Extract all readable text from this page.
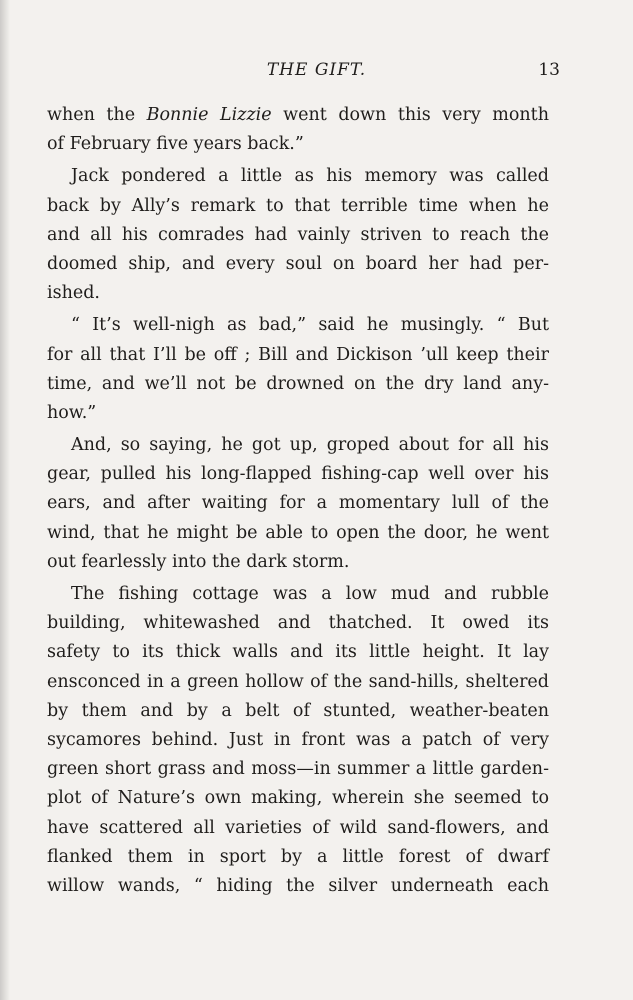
THE GIFT.	13
when the Bonnie Lizzie went down this very month
of February five years back.”
Jack pondered a little as his memory was called
back by Ally’s remark to that terrible time when he
and all his comrades had vainly striven to reach the
doomed ship, and every soul on board her had per-
ished.
“ It’s well-nigh as bad,” said he musingly. “ But
for all that I’ll be off ; Bill and Dickison ’ull keep their
time, and we’ll not be drowned on the dry land any-
how.”
And, so saying, he got up, groped about for all his
gear, pulled his long-flapped fishing-cap well over his
ears, and after waiting for a momentary lull of the
wind, that he might be able to open the door, he went
out fearlessly into the dark storm.
The fishing cottage was a low mud and rubble
building, whitewashed and thatched. It owed its
safety to its thick walls and its little height. It lay
ensconced in a green hollow of the sand-hills, sheltered
by them and by a belt of stunted, weather-beaten
sycamores behind. Just in front was a patch of very
green short grass and moss—in summer a little garden-
plot of Nature’s own making, wherein she seemed to
have scattered all varieties of wild sand-flowers, and
flanked them in sport by a little forest of dwarf
willow wands, “ hiding the silver underneath each
